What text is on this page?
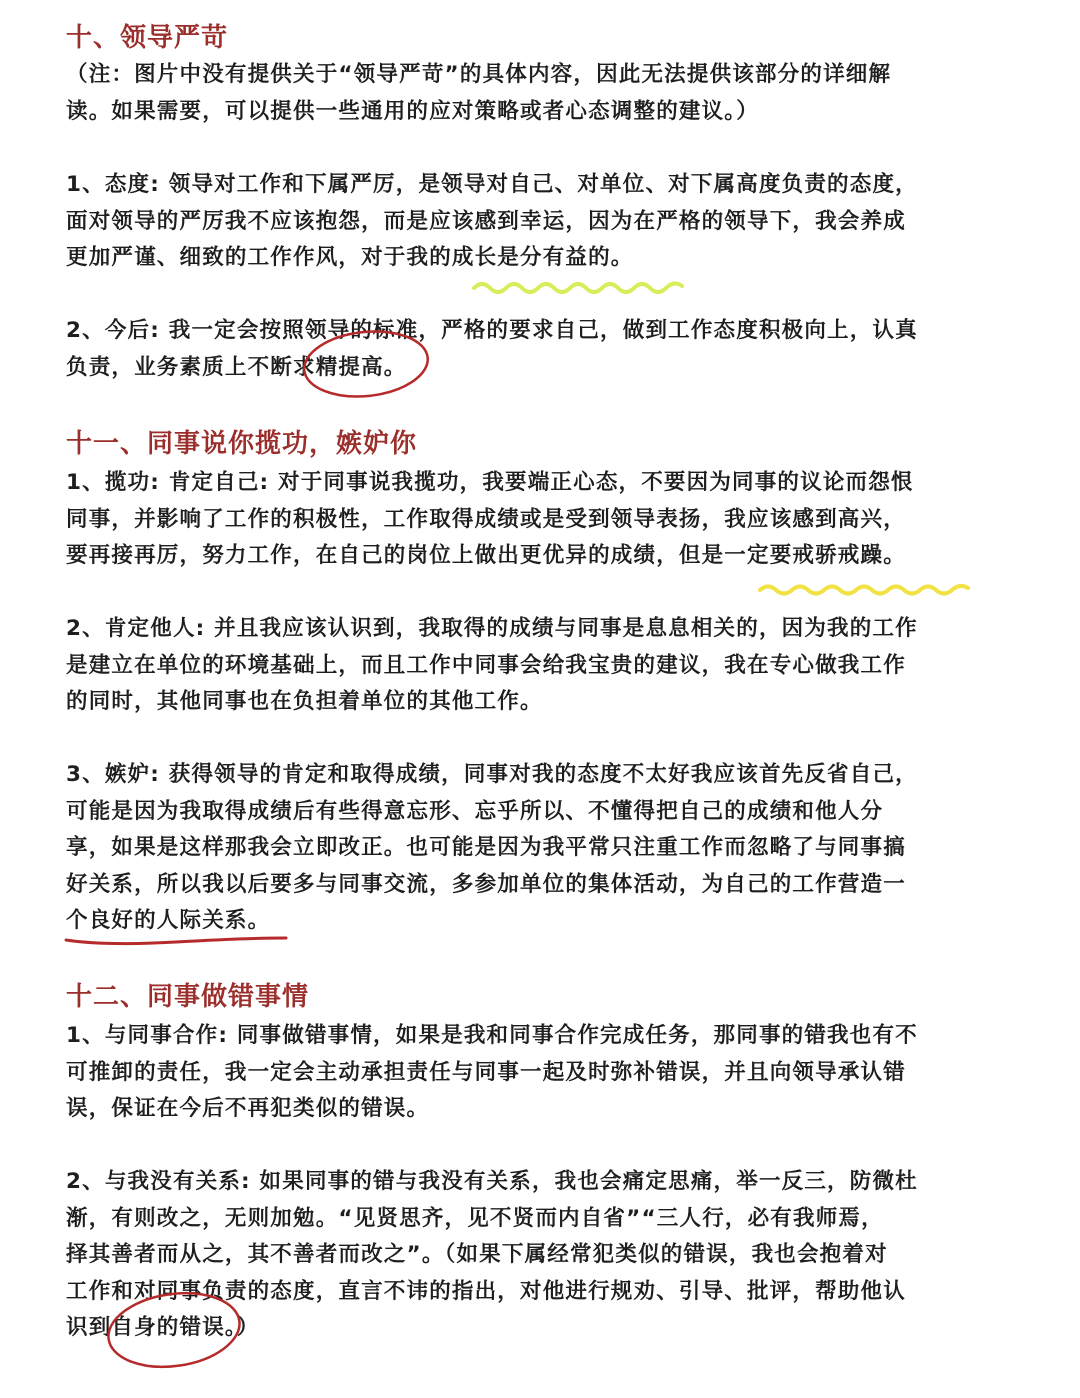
十、领导严苛

（注：图片中没有提供关于“领导严苛”的具体内容，因此无法提供该部分的详细解
读。如果需要，可以提供一些通用的应对策略或者心态调整的建议。）

1、态度: 领导对工作和下属严厉，是领导对自己、对单位、对下属高度负责的态度，
面对领导的严厉我不应该抱怨，而是应该感到幸运，因为在严格的领导下，我会养成
更加严谨、细致的工作作风，对于我的成长是分有益的。

2、今后: 我一定会按照领导的标准，严格的要求自己，做到工作态度积极向上，认真
负责，业务素质上不断求精提高。

十一、同事说你揽功，嫉妒你

1、揽功: 肯定自己: 对于同事说我揽功，我要端正心态，不要因为同事的议论而怨恨
同事，并影响了工作的积极性，工作取得成绩或是受到领导表扬，我应该感到高兴，
要再接再厉，努力工作，在自己的岗位上做出更优异的成绩，但是一定要戒骄戒躁。

2、肯定他人: 并且我应该认识到，我取得的成绩与同事是息息相关的，因为我的工作
是建立在单位的环境基础上，而且工作中同事会给我宝贵的建议，我在专心做我工作
的同时，其他同事也在负担着单位的其他工作。

3、嫉妒: 获得领导的肯定和取得成绩，同事对我的态度不太好我应该首先反省自己，
可能是因为我取得成绩后有些得意忘形、忘乎所以、不懂得把自己的成绩和他人分
享，如果是这样那我会立即改正。也可能是因为我平常只注重工作而忽略了与同事搞
好关系，所以我以后要多与同事交流，多参加单位的集体活动，为自己的工作营造一
个良好的人际关系。

十二、同事做错事情

1、与同事合作: 同事做错事情，如果是我和同事合作完成任务，那同事的错我也有不
可推卸的责任，我一定会主动承担责任与同事一起及时弥补错误，并且向领导承认错
误，保证在今后不再犯类似的错误。

2、与我没有关系: 如果同事的错与我没有关系，我也会痛定思痛，举一反三，防微杜
渐，有则改之，无则加勉。“见贤思齐，见不贤而内自省”“三人行，必有我师焉，
择其善者而从之，其不善者而改之”。（如果下属经常犯类似的错误，我也会抱着对
工作和对同事负责的态度，直言不讳的指出，对他进行规劝、引导、批评，帮助他认
识到自身的错误。）
